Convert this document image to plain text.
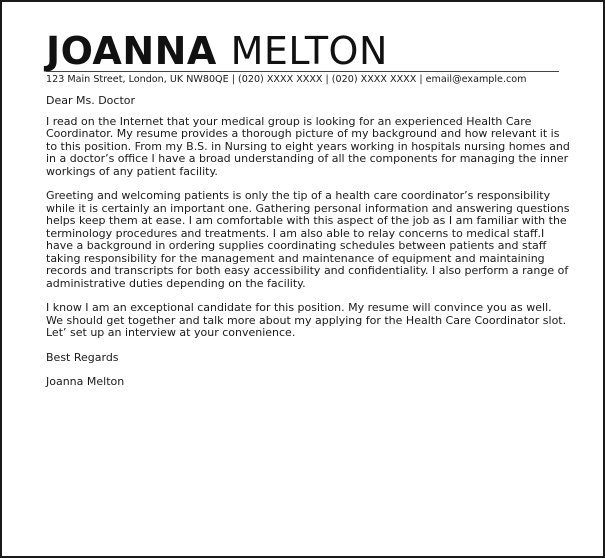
JOANNA MELTON
123 Main Street, London, UK NW80QE | (020) XXXX XXXX | (020) XXXX XXXX | email@example.com

Dear Ms. Doctor

I read on the Internet that your medical group is looking for an experienced Health Care Coordinator. My resume provides a thorough picture of my background and how relevant it is to this position. From my B.S. in Nursing to eight years working in hospitals nursing homes and in a doctor’s office I have a broad understanding of all the components for managing the inner workings of any patient facility.

Greeting and welcoming patients is only the tip of a health care coordinator’s responsibility while it is certainly an important one. Gathering personal information and answering questions helps keep them at ease. I am comfortable with this aspect of the job as I am familiar with the terminology procedures and treatments. I am also able to relay concerns to medical staff.I have a background in ordering supplies coordinating schedules between patients and staff taking responsibility for the management and maintenance of equipment and maintaining records and transcripts for both easy accessibility and confidentiality. I also perform a range of administrative duties depending on the facility.

I know I am an exceptional candidate for this position. My resume will convince you as well. We should get together and talk more about my applying for the Health Care Coordinator slot. Let’ set up an interview at your convenience.

Best Regards

Joanna Melton
